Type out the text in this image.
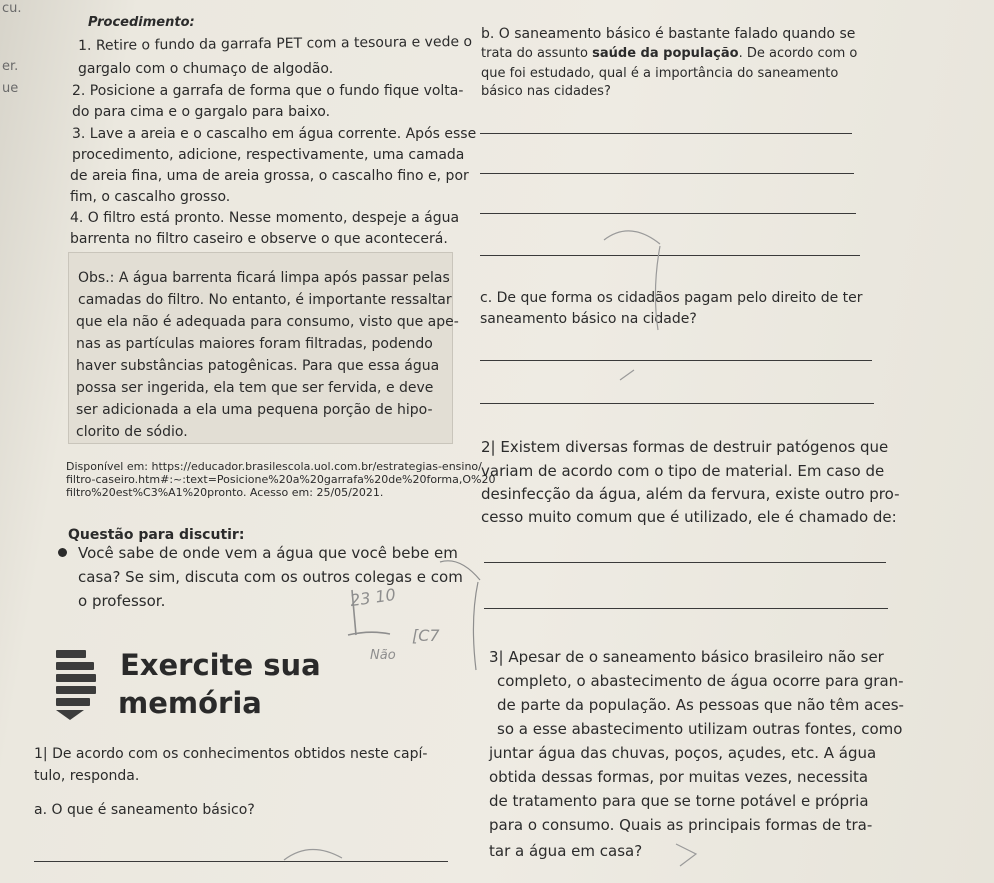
cu.
er.
ue
Procedimento:
1. Retire o fundo da garrafa PET com a tesoura e vede o
gargalo com o chumaço de algodão.
2. Posicione a garrafa de forma que o fundo fique volta-
do para cima e o gargalo para baixo.
3. Lave a areia e o cascalho em água corrente. Após esse
procedimento, adicione, respectivamente, uma camada
de areia fina, uma de areia grossa, o cascalho fino e, por
fim, o cascalho grosso.
4. O filtro está pronto. Nesse momento, despeje a água
barrenta no filtro caseiro e observe o que acontecerá.
Obs.: A água barrenta ficará limpa após passar pelas
camadas do filtro. No entanto, é importante ressaltar
que ela não é adequada para consumo, visto que ape-
nas as partículas maiores foram filtradas, podendo
haver substâncias patogênicas. Para que essa água
possa ser ingerida, ela tem que ser fervida, e deve
ser adicionada a ela uma pequena porção de hipo-
clorito de sódio.
Disponível em: https://educador.brasilescola.uol.com.br/estrategias-ensino/
filtro-caseiro.htm#:~:text=Posicione%20a%20garrafa%20de%20forma,O%20
filtro%20est%C3%A1%20pronto. Acesso em: 25/05/2021.
Questão para discutir:
Você sabe de onde vem a água que você bebe em
casa? Se sim, discuta com os outros colegas e com
o professor.
Exercite sua
memória
1| De acordo com os conhecimentos obtidos neste capí-
tulo, responda.
a. O que é saneamento básico?
b. O saneamento básico é bastante falado quando se
trata do assunto saúde da população. De acordo com o
que foi estudado, qual é a importância do saneamento
básico nas cidades?
c. De que forma os cidadãos pagam pelo direito de ter
saneamento básico na cidade?
2| Existem diversas formas de destruir patógenos que
variam de acordo com o tipo de material. Em caso de
desinfecção da água, além da fervura, existe outro pro-
cesso muito comum que é utilizado, ele é chamado de:
3| Apesar de o saneamento básico brasileiro não ser
completo, o abastecimento de água ocorre para gran-
de parte da população. As pessoas que não têm aces-
so a esse abastecimento utilizam outras fontes, como
juntar água das chuvas, poços, açudes, etc. A água
obtida dessas formas, por muitas vezes, necessita
de tratamento para que se torne potável e própria
para o consumo. Quais as principais formas de tra-
tar a água em casa?
23 10
Não
[C7
